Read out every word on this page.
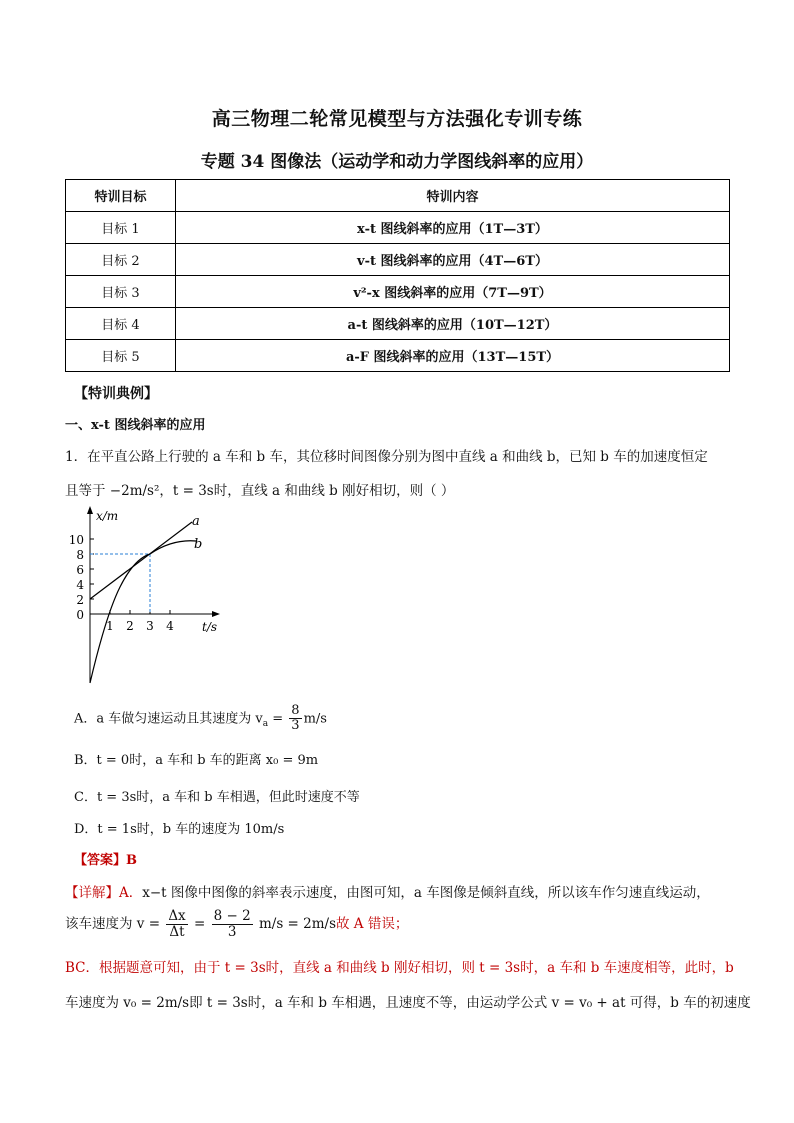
高三物理二轮常见模型与方法强化专训专练
专题 34 图像法（运动学和动力学图线斜率的应用）
特训目标	特训内容
目标 1	x-t 图线斜率的应用（1T—3T）
目标 2	v-t 图线斜率的应用（4T—6T）
目标 3	v²-x 图线斜率的应用（7T—9T）
目标 4	a-t 图线斜率的应用（10T—12T）
目标 5	a-F 图线斜率的应用（13T—15T）
【特训典例】
一、x-t 图线斜率的应用
1．在平直公路上行驶的 a 车和 b 车，其位移时间图像分别为图中直线 a 和曲线 b，已知 b 车的加速度恒定
且等于 −2m/s²，t = 3s时，直线 a 和曲线 b 刚好相切，则（ ）
10
8
6
4
2
0
1 2 3 4
x/m
t/s
a
b
A．a 车做匀速运动且其速度为 $v_a = \frac{8}{3} m/s$
B．t = 0时，a 车和 b 车的距离 x₀ = 9m
C．t = 3s时，a 车和 b 车相遇，但此时速度不等
D．t = 1s时，b 车的速度为 10m/s
【答案】B
【详解】A．x−t 图像中图像的斜率表示速度，由图可知，a 车图像是倾斜直线，所以该车作匀速直线运动，
该车速度为 $v = \frac{\Delta x}{\Delta t} = \frac{8 - 2}{3} m/s = 2m/s$故 A 错误；
BC．根据题意可知，由于 t = 3s时，直线 a 和曲线 b 刚好相切，则 t = 3s时，a 车和 b 车速度相等，此时，b
车速度为 v₀ = 2m/s即 t = 3s时，a 车和 b 车相遇，且速度不等，由运动学公式 v = v₀ + at 可得，b 车的初速度
